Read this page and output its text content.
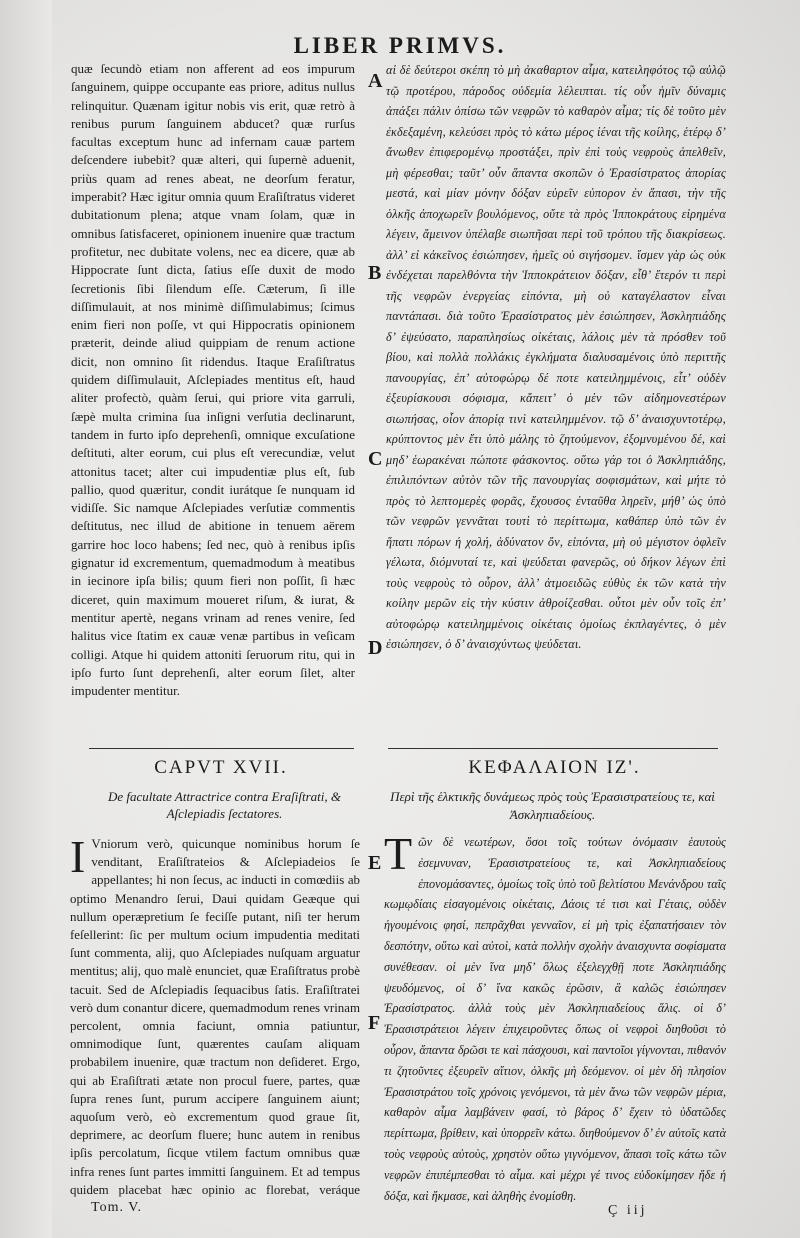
LIBER PRIMVS.

quæ ſecundò etiam non afferent ad eos impurum ſanguinem, quippe occupante eas priore, aditus nullus relinquitur. Quænam igitur nobis vis erit, quæ retrò à renibus purum ſanguinem abducet? quæ rurſus facultas exceptum hunc ad infernam cauæ partem deſcendere iubebit? quæ alteri, qui ſupernè aduenit, priùs quam ad renes abeat, ne deorſum feratur, imperabit? Hæc igitur omnia quum Eraſiſtratus videret dubitationum plena; atque vnam ſolam, quæ in omnibus ſatisfaceret, opinionem inuenire quæ tractum profitetur, nec dubitate volens, nec ea dicere, quæ ab Hippocrate ſunt dicta, ſatius eſſe duxit de modo ſecretionis ſibi ſilendum eſſe. Cæterum, ſi ille diſſimulauit, at nos minimè diſſimulabimus; ſcimus enim fieri non poſſe, vt qui Hippocratis opinionem præterit, deinde aliud quippiam de renum actione dicit, non omnino ſit ridendus. Itaque Eraſiſtratus quidem diſſimulauit, Aſclepiades mentitus eſt, haud aliter profectò, quàm ſerui, qui priore vita garruli, ſæpè multa crimina ſua inſigni verſutia declinarunt, tandem in furto ipſo deprehenſi, omnique excuſatione deſtituti, alter eorum, cui plus eſt verecundiæ, velut attonitus tacet; alter cui impudentiæ plus eſt, ſub pallio, quod quæritur, condit iurátque ſe nunquam id vidiſſe. Sic namque Aſclepiades verſutiæ commentis deſtitutus, nec illud de abitione in tenuem aërem garrire hoc loco habens; ſed nec, quò à renibus ipſis gignatur id excrementum, quemadmodum à meatibus in iecinore ipſa bilis; quum fieri non poſſit, ſi hæc diceret, quin maximum moueret riſum, & iurat, & mentitur apertè, negans vrinam ad renes venire, ſed halitus vice ſtatim ex cauæ venæ partibus in veſicam colligi. Atque hi quidem attoniti ſeruorum ritu, qui in ipſo furto ſunt deprehenſi, alter eorum ſilet, alter impudenter mentitur.

αἱ δὲ δεύτεροι σκέπη τὸ μὴ ἀκαθαρτον αἷμα, κατειληφότος τῷ αὐλῷ τῷ προτέρου, πάροδος οὐδεμία λέλειπται. τίς οὖν ἡμῖν δύναμις ἀπάξει πάλιν ὀπίσω τῶν νεφρῶν τὸ καθαρὸν αἷμα; τίς δὲ τοῦτο μὲν ἐκδεξαμένη, κελεύσει πρὸς τὸ κάτω μέρος ἰέναι τῆς κοίλης, ἑτέρῳ δ’ ἄνωθεν ἐπιφερομένῳ προστάξει, πρὶν ἐπὶ τοὺς νεφροὺς ἀπελθεῖν, μὴ φέρεσθαι; ταῦτ’ οὖν ἅπαντα σκοπῶν ὁ Ἐρασίστρατος ἀπορίας μεστά, καὶ μίαν μόνην δόξαν εὑρεῖν εὐπορον ἐν ἅπασι, τὴν τῆς ὁλκῆς ἀποχωρεῖν βουλόμενος, οὔτε τὰ πρὸς Ἱπποκράτους εἰρημένα λέγειν, ἄμεινον ὑπέλαβε σιωπῆσαι περὶ τοῦ τρόπου τῆς διακρίσεως. ἀλλ’ εἰ κἀκεῖνος ἐσιώπησεν, ἡμεῖς οὐ σιγήσομεν. ἴσμεν γὰρ ὡς οὐκ ἐνδέχεται παρελθόντα τὴν Ἱπποκράτειον δόξαν, εἶθ’ ἕτερόν τι περὶ τῆς νεφρῶν ἐνεργείας εἰπόντα, μὴ οὐ καταγέλαστον εἶναι παντάπασι. διὰ τοῦτο Ἐρασίστρατος μὲν ἐσιώπησεν, Ἀσκληπιάδης δ’ ἐψεύσατο, παραπλησίως οἰκέταις, λάλοις μὲν τὰ πρόσθεν τοῦ βίου, καὶ πολλὰ πολλάκις ἐγκλήματα διαλυσαμένοις ὑπὸ περιττῆς πανουργίας, ἐπ’ αὐτοφώρῳ δέ ποτε κατειλημμένοις, εἶτ’ οὐδὲν ἐξευρίσκουσι σόφισμα, κἄπειτ’ ὁ μὲν τῶν αἰδημονεστέρων σιωπήσας, οἷον ἀπορίᾳ τινὶ κατειλημμένον. τῷ δ’ ἀναισχυντοτέρῳ, κρύπτοντος μὲν ἔτι ὑπὸ μάλης τὸ ζητούμενον, ἐξομνυμένου δέ, καὶ μηδ’ ἑωρακέναι πώποτε φάσκοντος. οὕτω γάρ τοι ὁ Ἀσκληπιάδης, ἐπιλιπόντων αὐτὸν τῶν τῆς πανουργίας σοφισμάτων, καὶ μήτε τὸ πρὸς τὸ λεπτομερὲς φορᾶς, ἔχουσος ἐνταῦθα ληρεῖν, μήθ’ ὡς ὑπὸ τῶν νεφρῶν γεννᾶται τουτὶ τὸ περίττωμα, καθάπερ ὑπὸ τῶν ἐν ἥπατι πόρων ἡ χολή, ἀδύνατον ὄν, εἰπόντα, μὴ οὐ μέγιστον ὀφλεῖν γέλωτα, διόμνυταί τε, καὶ ψεύδεται φανερῶς, οὐ δήκον λέγων ἐπὶ τοὺς νεφροὺς τὸ οὖρον, ἀλλ’ ἀτμοειδῶς εὐθὺς ἐκ τῶν κατὰ τὴν κοίλην μερῶν εἰς τὴν κύστιν ἀθροίζεσθαι. οὗτοι μὲν οὖν τοῖς ἐπ’ αὐτοφώρῳ κατειλημμένοις οἰκέταις ὁμοίως ἐκπλαγέντες, ὁ μὲν ἐσιώπησεν, ὁ δ’ ἀναισχύντως ψεύδεται.

A
B
C
D
E
F
CAPVT XVII.	ΚΕΦΑΛΑΙΟΝ ΙΖ'.
De facultate Attractrice contra Eraſiſtrati, & Aſclepiadis ſectatores.
Περὶ τῆς ἑλκτικῆς δυνάμεως πρὸς τοὺς Ἐρασιστρατείους τε, καὶ Ἀσκληπιαδείους.
I Vniorum verò, quicunque nominibus horum ſe venditant, Eraſiſtrateios & Aſclepiadeios ſe appellantes; hi non ſecus, ac inducti in comœdiis ab optimo Menandro ſerui, Daui quidam Geæque qui nullum operæpretium ſe feciſſe putant, niſi ter herum feſellerint: ſic per multum ocium impudentia meditati ſunt commenta, alij, quo Aſclepiades nuſquam arguatur mentitus; alij, quo malè enunciet, quæ Eraſiſtratus probè tacuit. Sed de Aſclepiadis ſequacibus ſatis. Eraſiſtratei verò dum conantur dicere, quemadmodum renes vrinam percolent, omnia faciunt, omnia patiuntur, omnimodique ſunt, quærentes cauſam aliquam probabilem inuenire, quæ tractum non deſideret. Ergo, qui ab Eraſiſtrati ætate non procul fuere, partes, quæ ſupra renes ſunt, purum accipere ſanguinem aiunt; aquoſum verò, eò excrementum quod graue ſit, deprimere, ac deorſum fluere; hunc autem in renibus ipſis percolatum, ſicque vtilem factum omnibus quæ infra renes ſunt partes immitti ſanguinem. Et ad tempus quidem placebat hæc opinio ac florebat, veráque

Τ ῶν δὲ νεωτέρων, ὅσοι τοῖς τούτων ὀνόμασιν ἑαυτοὺς ἐσεμνυναν, Ἐρασιστρατείους τε, καὶ Ἀσκληπιαδείους ἐπονομάσαντες, ὁμοίως τοῖς ὑπὸ τοῦ βελτίστου Μενάνδρου ταῖς κωμῳδίαις εἰσαγομένοις οἰκέταις, Δάοις τέ τισι καὶ Γέταις, οὐδὲν ἡγουμένοις φησί, πεπρᾶχθαι γενναῖον, εἰ μὴ τρὶς ἐξαπατήσαιεν τὸν δεσπότην, οὕτω καὶ αὐτοὶ, κατὰ πολλὴν σχολὴν ἀναισχυντα σοφίσματα συνέθεσαν. οἱ μὲν ἵνα μηδ’ ὅλως ἐξελεγχθῇ ποτε Ἀσκληπιάδης ψευδόμενος, οἱ δ’ ἵνα κακῶς ἐρῶσιν, ἃ καλῶς ἐσιώπησεν Ἐρασίστρατος. ἀλλὰ τοὺς μὲν Ἀσκληπιαδείους ἅλις. οἱ δ’ Ἐρασιστράτειοι λέγειν ἐπιχειροῦντες ὅπως οἱ νεφροὶ διηθοῦσι τὸ οὖρον, ἅπαντα δρῶσι τε καὶ πάσχουσι, καὶ παντοῖοι γίγνονται, πιθανόν τι ζητοῦντες ἐξευρεῖν αἴτιον, ὁλκῆς μὴ δεόμενον. οἱ μὲν δὴ πλησίον Ἐρασιστράτου τοῖς χρόνοις γενόμενοι, τὰ μὲν ἄνω τῶν νεφρῶν μέρια, καθαρὸν αἷμα λαμβάνειν φασί, τὸ βάρος δ’ ἔχειν τὸ ὑδατῶδες περίττωμα, βρίθειν, καὶ ὑπορρεῖν κάτω. διηθούμενον δ’ ἐν αὐτοῖς κατὰ τοὺς νεφροὺς αὐτοὺς, χρηστὸν οὕτω γιγνόμενον, ἅπασι τοῖς κάτω τῶν νεφρῶν ἐπιπέμπεσθαι τὸ αἷμα. καὶ μέχρι γέ τινος εὐδοκίμησεν ἥδε ἡ δόξα, καὶ ἤκμασε, καὶ ἀληθὴς ἐνομίσθη.

Tom. V.	Ç iij
